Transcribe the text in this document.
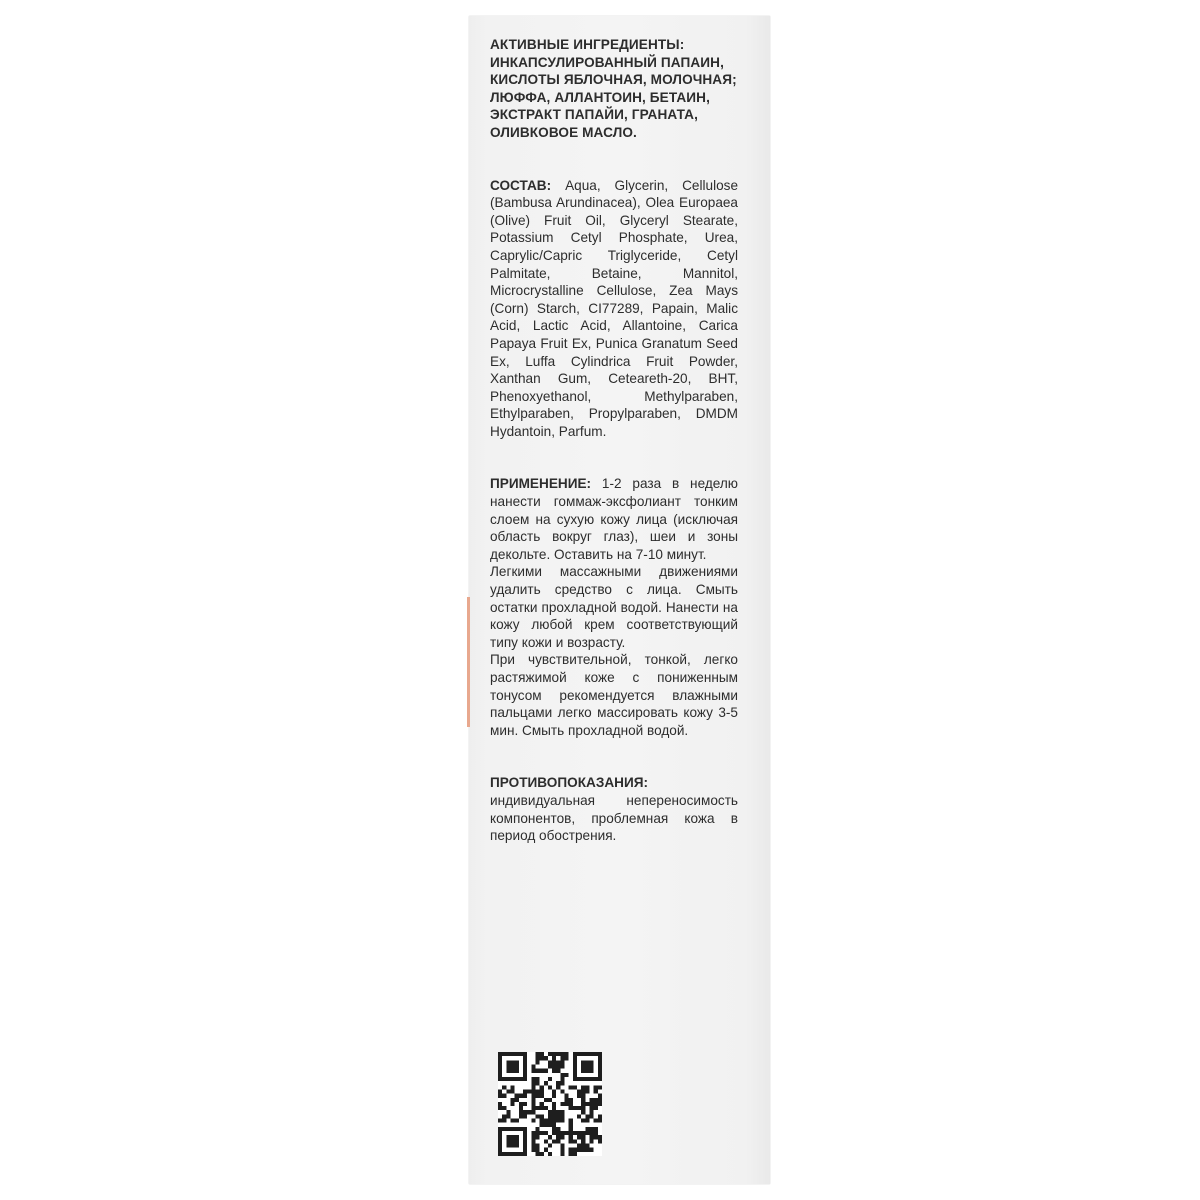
АКТИВНЫЕ ИНГРЕДИЕНТЫ:
ИНКАПСУЛИРОВАННЫЙ ПАПАИН, КИСЛОТЫ ЯБЛОЧНАЯ, МОЛОЧНАЯ; ЛЮФФА, АЛЛАНТОИН, БЕТАИН, ЭКСТРАКТ ПАПАЙИ, ГРАНАТА, ОЛИВКОВОЕ МАСЛО.
СОСТАВ: Aqua, Glycerin, Cellulose (Bambusa Arundinacea), Olea Europaea (Olive) Fruit Oil, Glyceryl Stearate, Potassium Cetyl Phosphate, Urea, Caprylic/Capric Triglyceride, Cetyl Palmitate, Betaine, Mannitol, Microcrystalline Cellulose, Zea Mays (Corn) Starch, CI77289, Papain, Malic Acid, Lactic Acid, Allantoine, Carica Papaya Fruit Ex, Punica Granatum Seed Ex, Luffa Cylindrica Fruit Powder, Xanthan Gum, Ceteareth-20, BHT, Phenoxyethanol, Methylparaben, Ethylparaben, Propylparaben, DMDM Hydantoin, Parfum.
ПРИМЕНЕНИЕ: 1-2 раза в неделю нанести гоммаж-эксфолиант тонким слоем на сухую кожу лица (исключая область вокруг глаз), шеи и зоны декольте. Оставить на 7-10 минут.
Легкими массажными движениями удалить средство с лица. Смыть остатки прохладной водой. Нанести на кожу любой крем соответствующий типу кожи и возрасту.
При чувствительной, тонкой, легко растяжимой коже с пониженным тонусом рекомендуется влажными пальцами легко массировать кожу 3-5 мин. Смыть прохладной водой.
ПРОТИВОПОКАЗАНИЯ: индивидуальная непереносимость компонентов, проблемная кожа в период обострения.
